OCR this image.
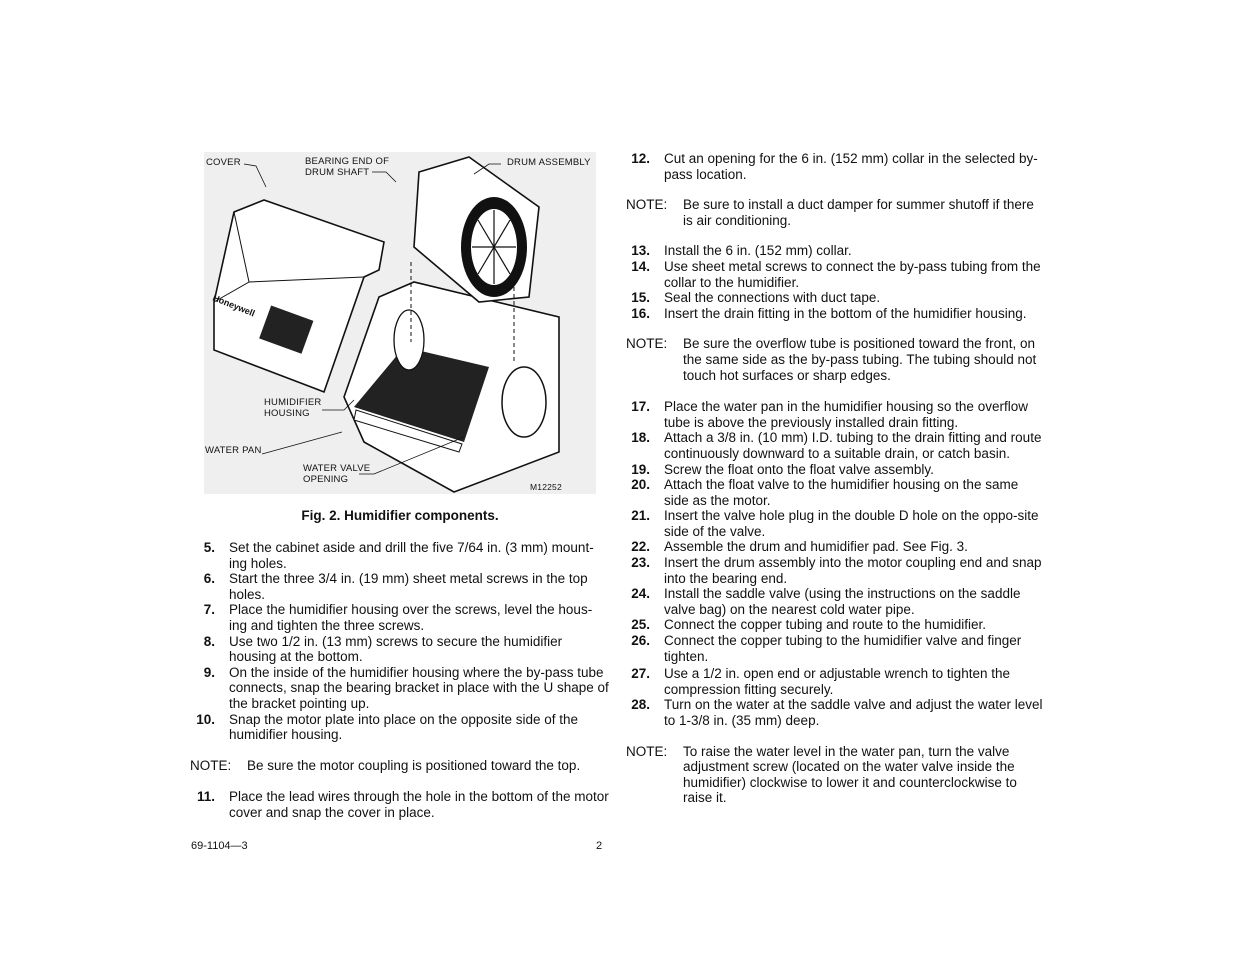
Honeywell
COVER	BEARING END OF
DRUM SHAFT
DRUM ASSEMBLY
HUMIDIFIER
HOUSING
WATER PAN
WATER VALVE
OPENING
M12252
Fig. 2. Humidifier components.
5. Set the cabinet aside and drill the five 7/64 in. (3 mm) mount-ing holes.
6. Start the three 3/4 in. (19 mm) sheet metal screws in the top holes.
7. Place the humidifier housing over the screws, level the hous-ing and tighten the three screws.
8. Use two 1/2 in. (13 mm) screws to secure the humidifier housing at the bottom.
9. On the inside of the humidifier housing where the by-pass tube connects, snap the bearing bracket in place with the U shape of the bracket pointing up.
10. Snap the motor plate into place on the opposite side of the humidifier housing.
NOTE: Be sure the motor coupling is positioned toward the top.
11. Place the lead wires through the hole in the bottom of the motor cover and snap the cover in place.
12. Cut an opening for the 6 in. (152 mm) collar in the selected by-pass location.
NOTE: Be sure to install a duct damper for summer shutoff if there is air conditioning.
13. Install the 6 in. (152 mm) collar.
14. Use sheet metal screws to connect the by-pass tubing from the collar to the humidifier.
15. Seal the connections with duct tape.
16. Insert the drain fitting in the bottom of the humidifier housing.
NOTE: Be sure the overflow tube is positioned toward the front, on the same side as the by-pass tubing. The tubing should not touch hot surfaces or sharp edges.
17. Place the water pan in the humidifier housing so the overflow tube is above the previously installed drain fitting.
18. Attach a 3/8 in. (10 mm) I.D. tubing to the drain fitting and route continuously downward to a suitable drain, or catch basin.
19. Screw the float onto the float valve assembly.
20. Attach the float valve to the humidifier housing on the same side as the motor.
21. Insert the valve hole plug in the double D hole on the oppo-site side of the valve.
22. Assemble the drum and humidifier pad. See Fig. 3.
23. Insert the drum assembly into the motor coupling end and snap into the bearing end.
24. Install the saddle valve (using the instructions on the saddle valve bag) on the nearest cold water pipe.
25. Connect the copper tubing and route to the humidifier.
26. Connect the copper tubing to the humidifier valve and finger tighten.
27. Use a 1/2 in. open end or adjustable wrench to tighten the compression fitting securely.
28. Turn on the water at the saddle valve and adjust the water level to 1-3/8 in. (35 mm) deep.
NOTE: To raise the water level in the water pan, turn the valve adjustment screw (located on the water valve inside the humidifier) clockwise to lower it and counterclockwise to raise it.
69-1104—3	2
